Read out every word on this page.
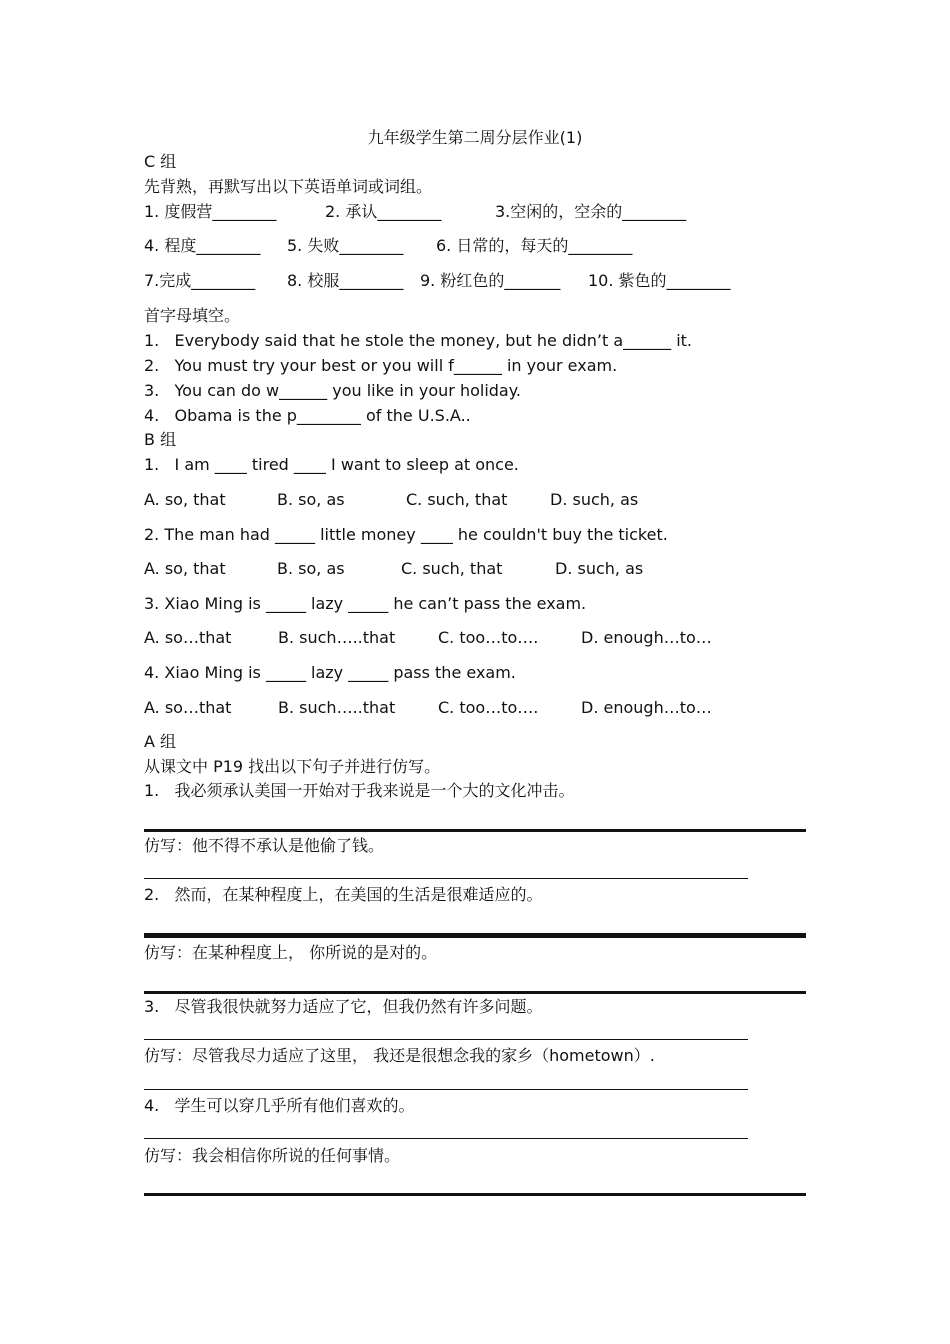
九年级学生第二周分层作业(1)
C 组
先背熟，再默写出以下英语单词或词组。
1. 度假营________	2. 承认________	3.空闲的，空余的________
4. 程度________ 5. 失败________ 6. 日常的，每天的________
7.完成________ 8. 校服________ 9. 粉红色的_______ 10. 紫色的________
首字母填空。
1.   Everybody said that he stole the money, but he didn’t a______ it.
2.   You must try your best or you will f______ in your exam.
3.   You can do w______ you like in your holiday.
4.   Obama is the p________ of the U.S.A..
B 组
1.   I am ____ tired ____ I want to sleep at once.
A. so, that	B. so, as	C. such, that	D. such, as
2. The man had _____ little money ____ he couldn't buy the ticket.
A. so, that	B. so, as	C. such, that	D. such, as
3. Xiao Ming is _____ lazy _____ he can’t pass the exam.
A. so…that	B. such…..that	C. too…to….	D. enough…to…
4. Xiao Ming is _____ lazy _____ pass the exam.
A. so…that	B. such…..that	C. too…to….	D. enough…to…
A 组
从课文中 P19 找出以下句子并进行仿写。
1.   我必须承认美国一开始对于我来说是一个大的文化冲击。
仿写：他不得不承认是他偷了钱。
2.   然而，在某种程度上，在美国的生活是很难适应的。
仿写：在某种程度上， 你所说的是对的。
3.   尽管我很快就努力适应了它，但我仍然有许多问题。
仿写：尽管我尽力适应了这里， 我还是很想念我的家乡（hometown）.
4.   学生可以穿几乎所有他们喜欢的。
仿写：我会相信你所说的任何事情。
